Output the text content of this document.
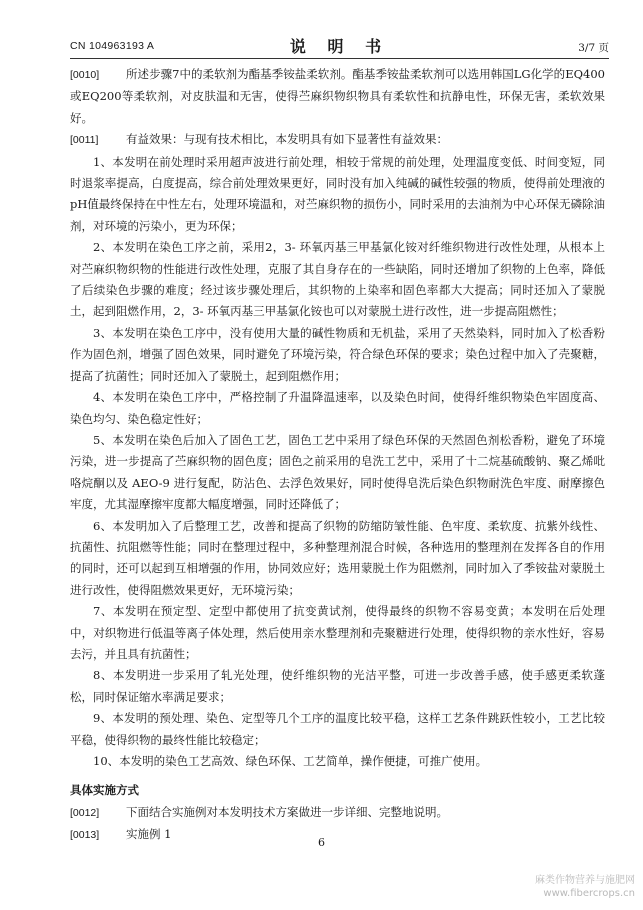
CN 104963193 A	说 明 书	3/7 页

[0010] 所述步骤7中的柔软剂为酯基季铵盐柔软剂。酯基季铵盐柔软剂可以选用韩国LG化学的EQ400或EQ200等柔软剂，对皮肤温和无害，使得苎麻织物织物具有柔软性和抗静电性，环保无害，柔软效果好。

[0011] 有益效果：与现有技术相比，本发明具有如下显著性有益效果：

1、本发明在前处理时采用超声波进行前处理，相较于常规的前处理，处理温度变低、时间变短，同时退浆率提高，白度提高，综合前处理效果更好，同时没有加入纯碱的碱性较强的物质，使得前处理液的pH值最终保持在中性左右，处理环境温和，对苎麻织物的损伤小，同时采用的去油剂为中心环保无磷除油剂，对环境的污染小，更为环保；

2、本发明在染色工序之前，采用2，3- 环氧丙基三甲基氯化铵对纤维织物进行改性处理，从根本上对苎麻织物织物的性能进行改性处理，克服了其自身存在的一些缺陷，同时还增加了织物的上色率，降低了后续染色步骤的难度；经过该步骤处理后，其织物的上染率和固色率都大大提高；同时还加入了蒙脱土，起到阻燃作用，2，3- 环氧丙基三甲基氯化铵也可以对蒙脱土进行改性，进一步提高阻燃性；

3、本发明在染色工序中，没有使用大量的碱性物质和无机盐，采用了天然染料，同时加入了松香粉作为固色剂，增强了固色效果，同时避免了环境污染，符合绿色环保的要求；染色过程中加入了壳聚糖，提高了抗菌性；同时还加入了蒙脱土，起到阻燃作用；

4、本发明在染色工序中，严格控制了升温降温速率，以及染色时间，使得纤维织物染色牢固度高、染色均匀、染色稳定性好；

5、本发明在染色后加入了固色工艺，固色工艺中采用了绿色环保的天然固色剂松香粉，避免了环境污染，进一步提高了苎麻织物的固色度；固色之前采用的皂洗工艺中，采用了十二烷基硫酸钠、聚乙烯吡咯烷酮以及 AEO-9 进行复配，防沾色、去浮色效果好，同时使得皂洗后染色织物耐洗色牢度、耐摩擦色牢度，尤其湿摩擦牢度都大幅度增强，同时还降低了；

6、本发明加入了后整理工艺，改善和提高了织物的防缩防皱性能、色牢度、柔软度、抗紫外线性、抗菌性、抗阻燃等性能；同时在整理过程中，多种整理剂混合时候，各种选用的整理剂在发挥各自的作用的同时，还可以起到互相增强的作用，协同效应好；选用蒙脱土作为阻燃剂，同时加入了季铵盐对蒙脱土进行改性，使得阻燃效果更好，无环境污染；

7、本发明在预定型、定型中都使用了抗变黄试剂，使得最终的织物不容易变黄；本发明在后处理中，对织物进行低温等离子体处理，然后使用亲水整理剂和壳聚糖进行处理，使得织物的亲水性好，容易去污，并且具有抗菌性；

8、本发明进一步采用了轧光处理，使纤维织物的光洁平整，可进一步改善手感，使手感更柔软蓬松，同时保证缩水率满足要求；

9、本发明的预处理、染色、定型等几个工序的温度比较平稳，这样工艺条件跳跃性较小，工艺比较平稳，使得织物的最终性能比较稳定；

10、本发明的染色工艺高效、绿色环保、工艺简单，操作便捷，可推广使用。

具体实施方式

[0012] 下面结合实施例对本发明技术方案做进一步详细、完整地说明。

[0013] 实施例 1

6
麻类作物营养与施肥网
www.fibercrops.cn
